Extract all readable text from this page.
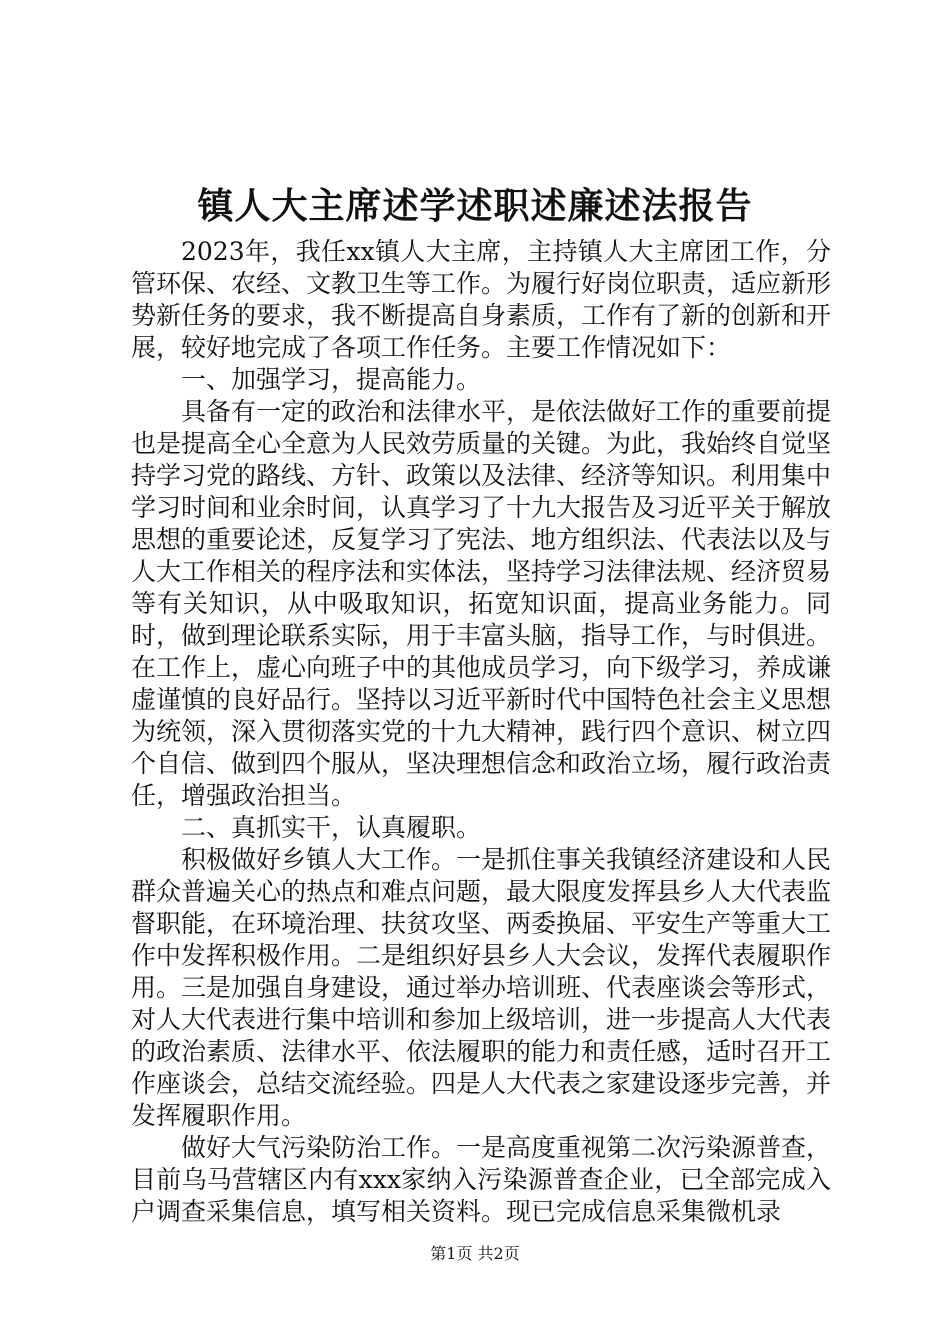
镇人大主席述学述职述廉述法报告

2023年，我任xx镇人大主席，主持镇人大主席团工作，分管环保、农经、文教卫生等工作。为履行好岗位职责，适应新形势新任务的要求，我不断提高自身素质，工作有了新的创新和开展，较好地完成了各项工作任务。主要工作情况如下：

一、加强学习，提高能力。

具备有一定的政治和法律水平，是依法做好工作的重要前提也是提高全心全意为人民效劳质量的关键。为此，我始终自觉坚持学习党的路线、方针、政策以及法律、经济等知识。利用集中学习时间和业余时间，认真学习了十九大报告及习近平关于解放思想的重要论述，反复学习了宪法、地方组织法、代表法以及与人大工作相关的程序法和实体法，坚持学习法律法规、经济贸易等有关知识，从中吸取知识，拓宽知识面，提高业务能力。同时，做到理论联系实际，用于丰富头脑，指导工作，与时俱进。在工作上，虚心向班子中的其他成员学习，向下级学习，养成谦虚谨慎的良好品行。坚持以习近平新时代中国特色社会主义思想为统领，深入贯彻落实党的十九大精神，践行四个意识、树立四个自信、做到四个服从，坚决理想信念和政治立场，履行政治责任，增强政治担当。

二、真抓实干，认真履职。

积极做好乡镇人大工作。一是抓住事关我镇经济建设和人民群众普遍关心的热点和难点问题，最大限度发挥县乡人大代表监督职能，在环境治理、扶贫攻坚、两委换届、平安生产等重大工作中发挥积极作用。二是组织好县乡人大会议，发挥代表履职作用。三是加强自身建设，通过举办培训班、代表座谈会等形式，对人大代表进行集中培训和参加上级培训，进一步提高人大代表的政治素质、法律水平、依法履职的能力和责任感，适时召开工作座谈会，总结交流经验。四是人大代表之家建设逐步完善，并发挥履职作用。

做好大气污染防治工作。一是高度重视第二次污染源普查，目前乌马营辖区内有xxx家纳入污染源普查企业，已全部完成入户调查采集信息，填写相关资料。现已完成信息采集微机录

第1页 共2页
